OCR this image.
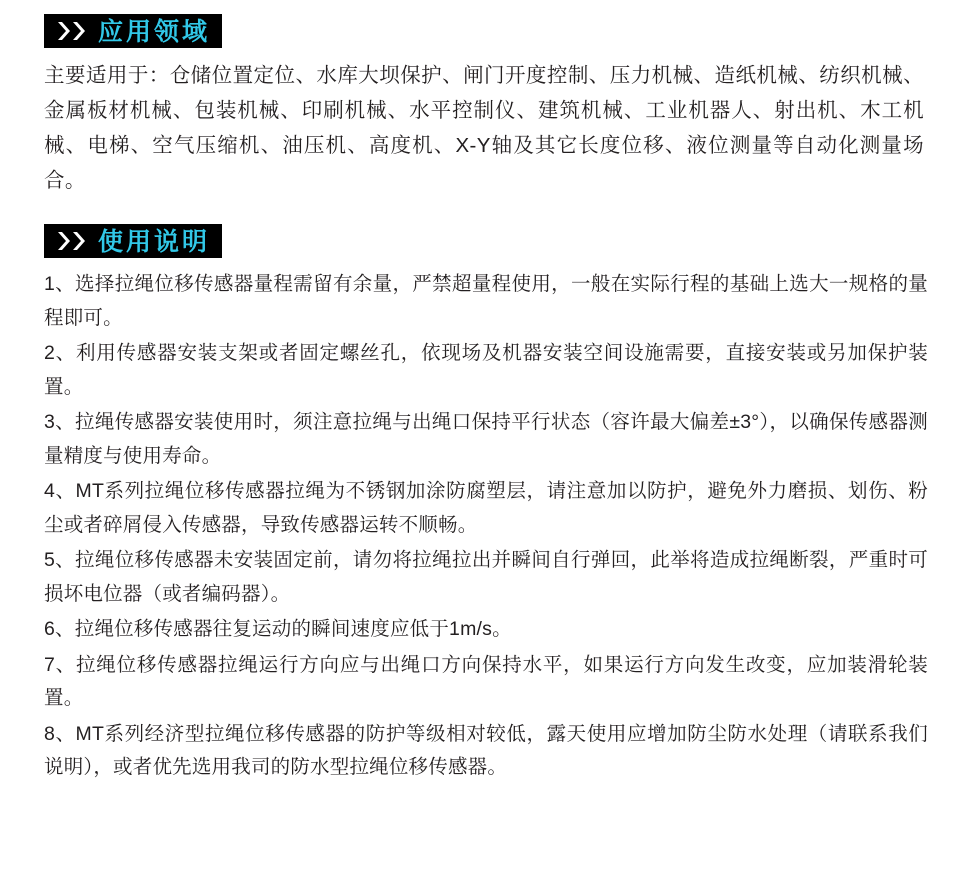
应用领域

主要适用于：仓储位置定位、水库大坝保护、闸门开度控制、压力机械、造纸机械、纺织机械、金属板材机械、包装机械、印刷机械、水平控制仪、建筑机械、工业机器人、射出机、木工机械、电梯、空气压缩机、油压机、高度机、X-Y轴及其它长度位移、液位测量等自动化测量场合。

使用说明

1、选择拉绳位移传感器量程需留有余量，严禁超量程使用，一般在实际行程的基础上选大一规格的量程即可。

2、利用传感器安装支架或者固定螺丝孔，依现场及机器安装空间设施需要，直接安装或另加保护装置。

3、拉绳传感器安装使用时，须注意拉绳与出绳口保持平行状态（容许最大偏差±3°），以确保传感器测量精度与使用寿命。

4、MT系列拉绳位移传感器拉绳为不锈钢加涂防腐塑层，请注意加以防护，避免外力磨损、划伤、粉尘或者碎屑侵入传感器，导致传感器运转不顺畅。

5、拉绳位移传感器未安装固定前，请勿将拉绳拉出并瞬间自行弹回，此举将造成拉绳断裂，严重时可损坏电位器（或者编码器）。

6、拉绳位移传感器往复运动的瞬间速度应低于1m/s。

7、拉绳位移传感器拉绳运行方向应与出绳口方向保持水平，如果运行方向发生改变，应加装滑轮装置。

8、MT系列经济型拉绳位移传感器的防护等级相对较低，露天使用应增加防尘防水处理（请联系我们说明），或者优先选用我司的防水型拉绳位移传感器。
